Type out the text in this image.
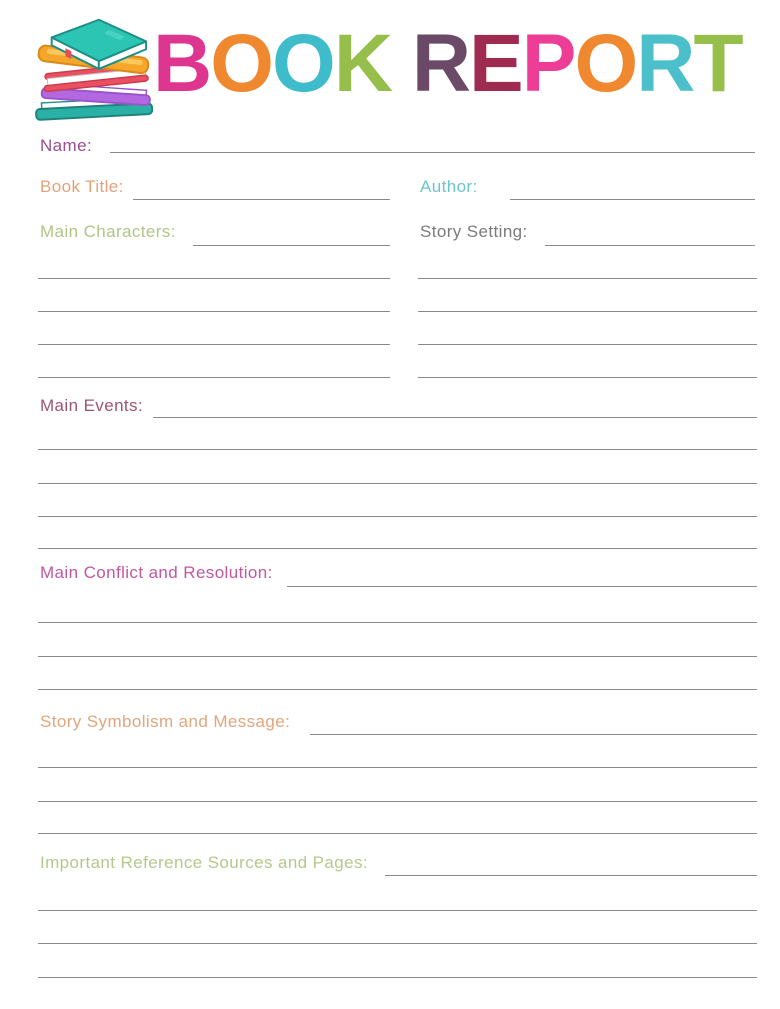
B O O K
R E P O R T
Name:
Book Title:	Author:
Main Characters:	Story Setting:
Main Events:
Main Conflict and Resolution:
Story Symbolism and Message:
Important Reference Sources and Pages:
